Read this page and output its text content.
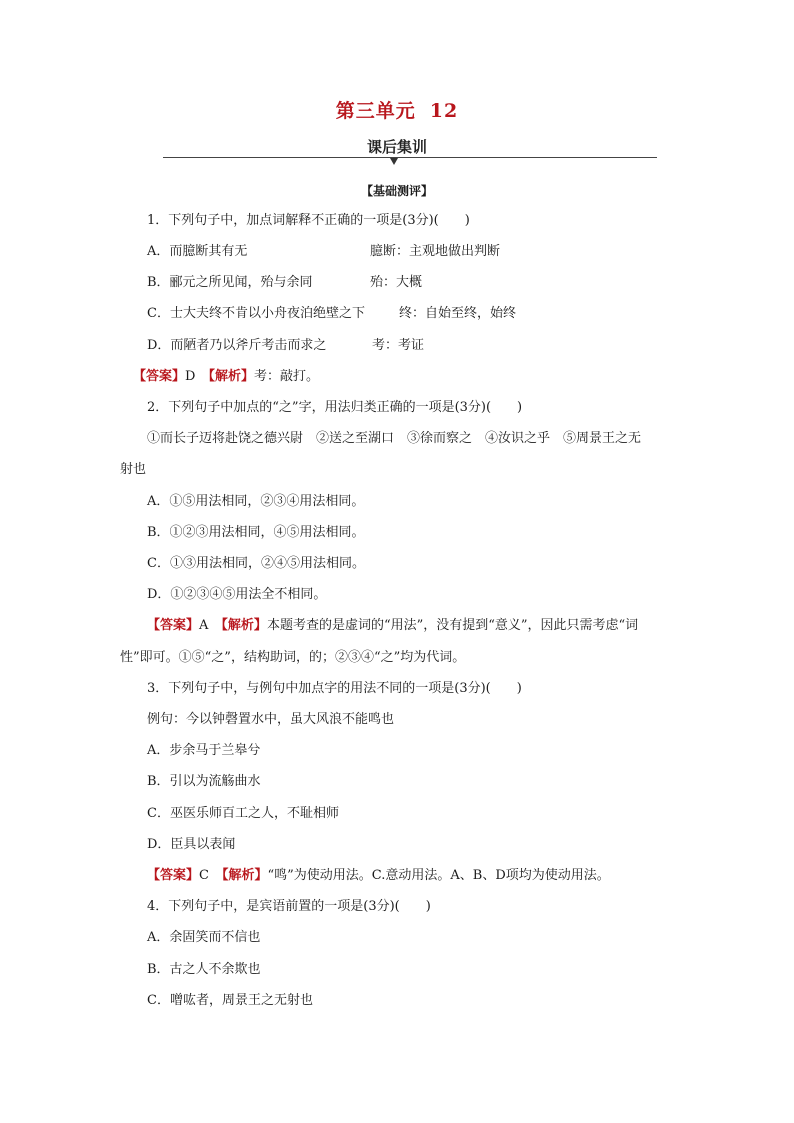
第三单元 12
课后集训
【基础测评】
1．下列句子中，加点词解释不正确的一项是(3分)(　　)
A．而臆断其有无	臆断：主观地做出判断
B．郦元之所见闻，殆与余同	殆：大概
C．士大夫终不肯以小舟夜泊绝壁之下	终：自始至终，始终
D．而陋者乃以斧斤考击而求之	考：考证
【答案】D　 【解析】考：敲打。
2．下列句子中加点的“之”字，用法归类正确的一项是(3分)(　　)
①而长子迈将赴饶之德兴尉　②送之至湖口　③徐而察之　④汝识之乎　⑤周景王之无
射也
A．①⑤用法相同，②③④用法相同。
B．①②③用法相同，④⑤用法相同。
C．①③用法相同，②④⑤用法相同。
D．①②③④⑤用法全不相同。
【答案】A　 【解析】本题考查的是虚词的“用法”，没有提到“意义”，因此只需考虑“词
性”即可。①⑤“之”，结构助词，的；②③④“之”均为代词。
3．下列句子中，与例句中加点字的用法不同的一项是(3分)(　　)
例句：今以钟磬置水中，虽大风浪不能鸣也
A．步余马于兰皋兮
B．引以为流觞曲水
C．巫医乐师百工之人，不耻相师
D．臣具以表闻
【答案】C　 【解析】“鸣”为使动用法。C.意动用法。A、B、D项均为使动用法。
4．下列句子中，是宾语前置的一项是(3分)(　　)
A．余固笑而不信也
B．古之人不余欺也
C．噌吰者，周景王之无射也
